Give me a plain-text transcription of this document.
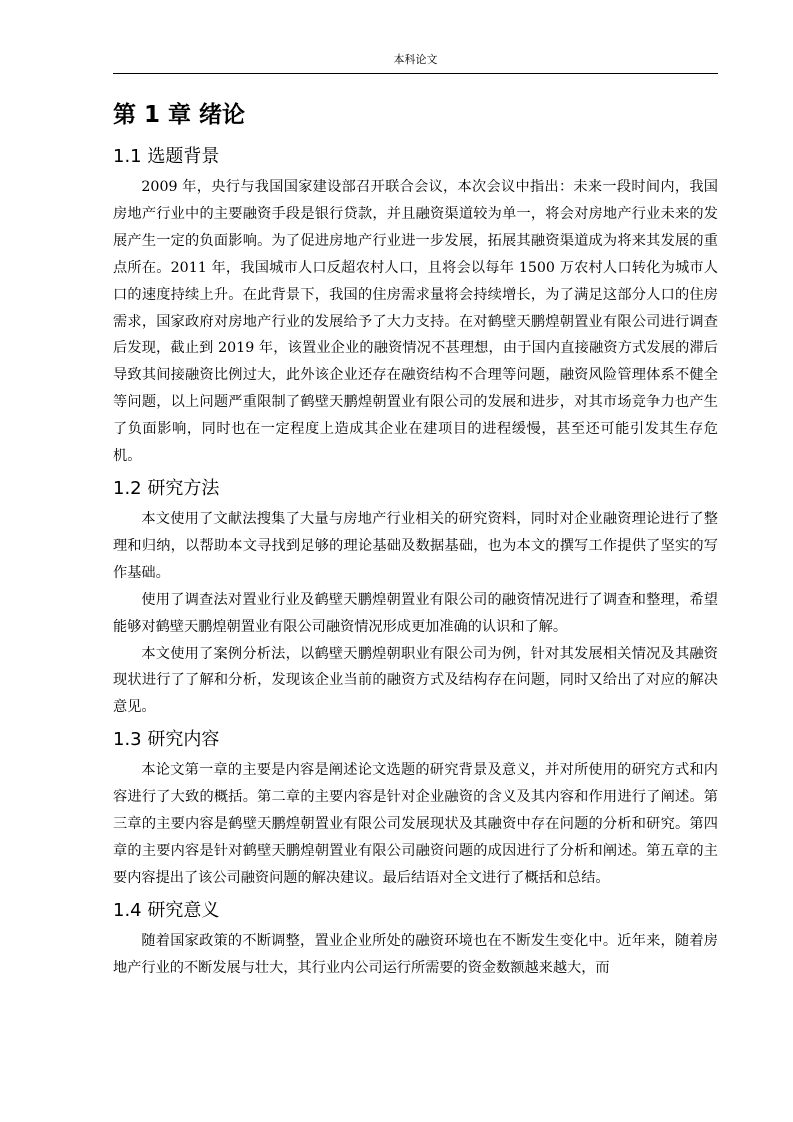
本科论文
第 1 章 绪论
1.1 选题背景

2009 年，央行与我国国家建设部召开联合会议，本次会议中指出：未来一段时间内，我国房地产行业中的主要融资手段是银行贷款，并且融资渠道较为单一，将会对房地产行业未来的发展产生一定的负面影响。为了促进房地产行业进一步发展，拓展其融资渠道成为将来其发展的重点所在。2011 年，我国城市人口反超农村人口，且将会以每年 1500 万农村人口转化为城市人口的速度持续上升。在此背景下，我国的住房需求量将会持续增长，为了满足这部分人口的住房需求，国家政府对房地产行业的发展给予了大力支持。在对鹤壁天鹏煌朝置业有限公司进行调查后发现，截止到 2019 年，该置业企业的融资情况不甚理想，由于国内直接融资方式发展的滞后导致其间接融资比例过大，此外该企业还存在融资结构不合理等问题，融资风险管理体系不健全等问题，以上问题严重限制了鹤壁天鹏煌朝置业有限公司的发展和进步，对其市场竞争力也产生了负面影响，同时也在一定程度上造成其企业在建项目的进程缓慢，甚至还可能引发其生存危机。

1.2 研究方法

本文使用了文献法搜集了大量与房地产行业相关的研究资料，同时对企业融资理论进行了整理和归纳，以帮助本文寻找到足够的理论基础及数据基础，也为本文的撰写工作提供了坚实的写作基础。

使用了调查法对置业行业及鹤壁天鹏煌朝置业有限公司的融资情况进行了调查和整理，希望能够对鹤壁天鹏煌朝置业有限公司融资情况形成更加准确的认识和了解。

本文使用了案例分析法，以鹤壁天鹏煌朝职业有限公司为例，针对其发展相关情况及其融资现状进行了了解和分析，发现该企业当前的融资方式及结构存在问题，同时又给出了对应的解决意见。

1.3 研究内容

本论文第一章的主要是内容是阐述论文选题的研究背景及意义，并对所使用的研究方式和内容进行了大致的概括。第二章的主要内容是针对企业融资的含义及其内容和作用进行了阐述。第三章的主要内容是鹤壁天鹏煌朝置业有限公司发展现状及其融资中存在问题的分析和研究。第四章的主要内容是针对鹤壁天鹏煌朝置业有限公司融资问题的成因进行了分析和阐述。第五章的主要内容提出了该公司融资问题的解决建议。最后结语对全文进行了概括和总结。

1.4 研究意义

随着国家政策的不断调整，置业企业所处的融资环境也在不断发生变化中。近年来，随着房地产行业的不断发展与壮大，其行业内公司运行所需要的资金数额越来越大，而
